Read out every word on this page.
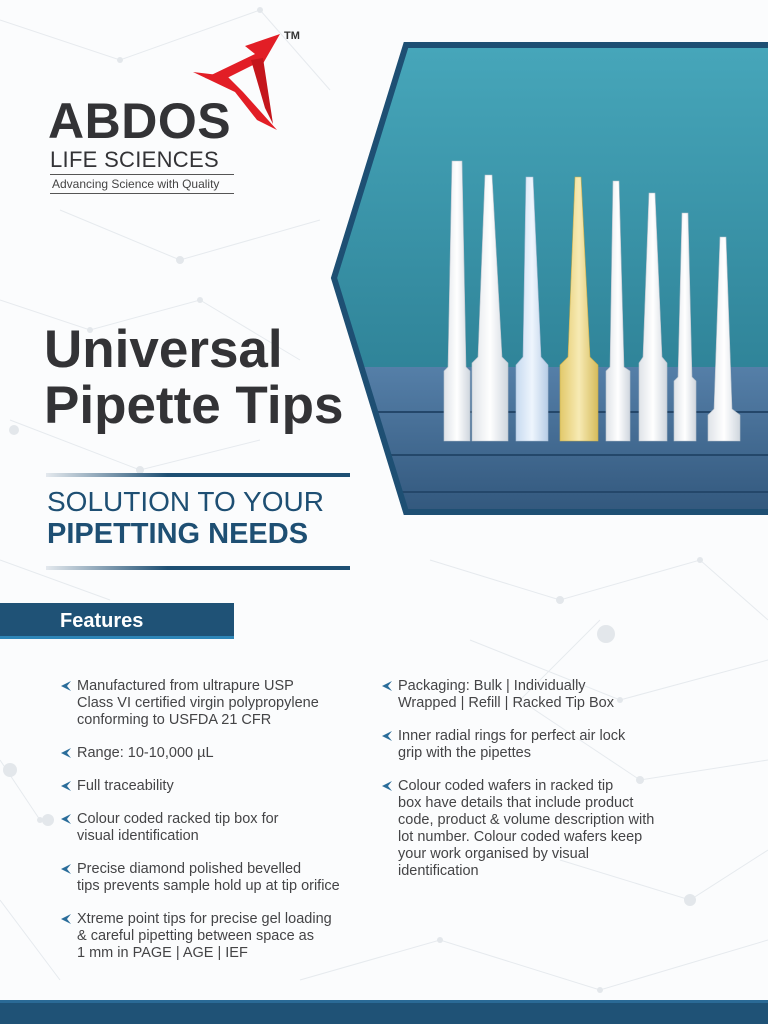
TM
ABDOS
LIFE SCIENCES
Advancing Science with Quality
Universal
Pipette Tips
SOLUTION TO YOUR
PIPETTING NEEDS
Features
Manufactured from ultrapure USP
Class VI certified virgin polypropylene
conforming to USFDA 21 CFR
Range: 10-10,000 µL
Full traceability
Colour coded racked tip box for
visual identification
Precise diamond polished bevelled
tips prevents sample hold up at tip orifice
Xtreme point tips for precise gel loading
& careful pipetting between space as
1 mm in PAGE | AGE | IEF
Packaging: Bulk | Individually
Wrapped | Refill | Racked Tip Box
Inner radial rings for perfect air lock
grip with the pipettes
Colour coded wafers in racked tip
box have details that include product
code, product & volume description with
lot number. Colour coded wafers keep
your work organised by visual
identification
